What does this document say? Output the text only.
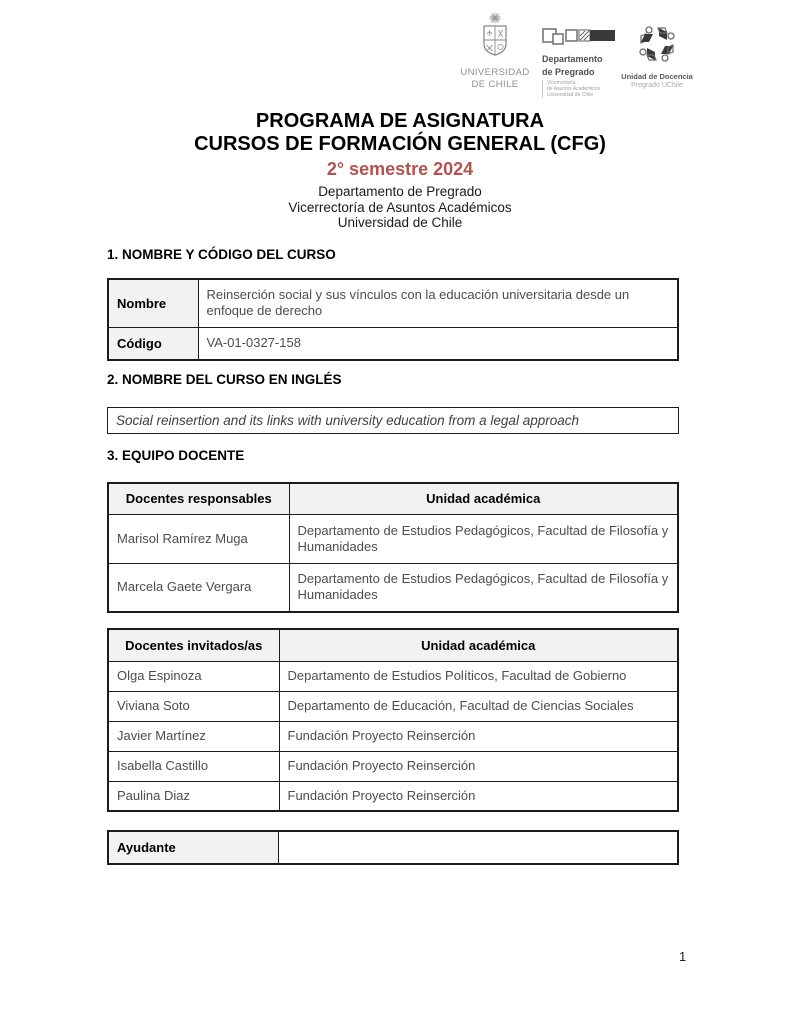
UNIVERSIDAD
DE CHILE
Departamento
de Pregrado
Vicerrectoría
de Asuntos Académicos
Universidad de Chile
Unidad de Docencia
Pregrado UChile
PROGRAMA DE ASIGNATURA
CURSOS DE FORMACIÓN GENERAL (CFG)
2° semestre 2024
Departamento de Pregrado
Vicerrectoría de Asuntos Académicos
Universidad de Chile
1. NOMBRE Y CÓDIGO DEL CURSO
Nombre	Reinserción social y sus vínculos con la educación universitaria desde un enfoque de derecho
Código	VA-01-0327-158
2. NOMBRE DEL CURSO EN INGLÉS
Social reinsertion and its links with university education from a legal approach
3. EQUIPO DOCENTE
Docentes responsables	Unidad académica
Marisol Ramírez Muga	Departamento de Estudios Pedagógicos, Facultad de Filosofía y Humanidades
Marcela Gaete Vergara	Departamento de Estudios Pedagógicos, Facultad de Filosofía y Humanidades
Docentes invitados/as	Unidad académica
Olga Espinoza	Departamento de Estudios Políticos, Facultad de Gobierno
Viviana Soto	Departamento de Educación, Facultad de Ciencias Sociales
Javier Martínez	Fundación Proyecto Reinserción
Isabella Castillo	Fundación Proyecto Reinserción
Paulina Diaz	Fundación Proyecto Reinserción
Ayudante	
1
